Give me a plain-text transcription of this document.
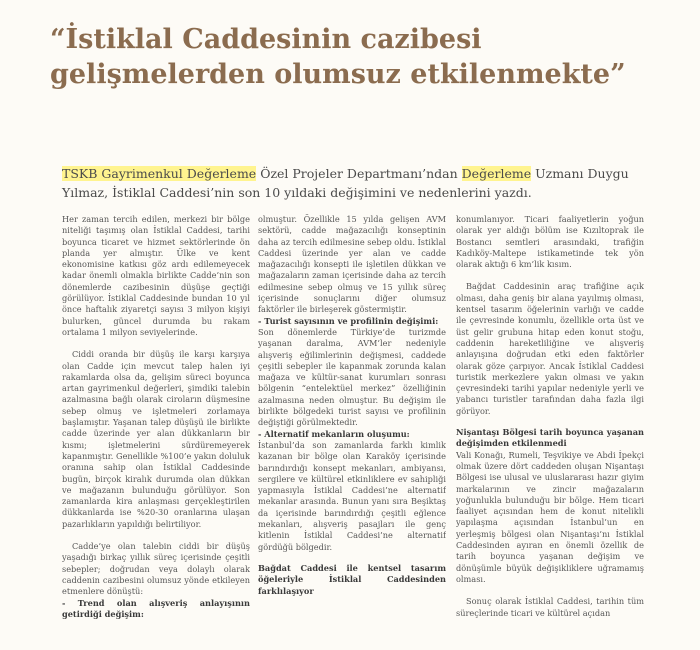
“İstiklal Caddesinin cazibesi gelişmelerden olumsuz etkilenmekte”

TSKB Gayrimenkul Değerleme Özel Projeler Departmanı’ndan Değerleme Uzmanı Duygu Yılmaz, İstiklal Caddesi’nin son 10 yıldaki değişimini ve nedenlerini yazdı.

Her zaman tercih edilen, merkezi bir bölge niteliği taşımış olan İstiklal Caddesi, tarihi boyunca ticaret ve hizmet sektörlerinde ön planda yer almıştır. Ülke ve kent ekonomisine katkısı göz ardı edilemeyecek kadar önemli olmakla birlikte Cadde’nin son dönemlerde cazibesinin düşüşe geçtiği görülüyor. İstiklal Caddesinde bundan 10 yıl önce haftalık ziyaretçi sayısı 3 milyon kişiyi bulurken, güncel durumda bu rakam ortalama 1 milyon seviyelerinde.

Ciddi oranda bir düşüş ile karşı karşıya olan Cadde için mevcut talep halen iyi rakamlarda olsa da, gelişim süreci boyunca artan gayrimenkul değerleri, şimdiki talebin azalmasına bağlı olarak ciroların düşmesine sebep olmuş ve işletmeleri zorlamaya başlamıştır. Yaşanan talep düşüşü ile birlikte cadde üzerinde yer alan dükkanların bir kısmı; işletmelerini sürdüremeyerek kapanmıştır. Genellikle %100’e yakın doluluk oranına sahip olan İstiklal Caddesinde bugün, birçok kiralık durumda olan dükkan ve mağazanın bulunduğu görülüyor. Son zamanlarda kira anlaşması gerçekleştirilen dükkanlarda ise %20-30 oranlarına ulaşan pazarlıkların yapıldığı belirtiliyor.

Cadde’ye olan talebin ciddi bir düşüş yaşadığı birkaç yıllık süreç içerisinde çeşitli sebepler; doğrudan veya dolaylı olarak caddenin cazibesini olumsuz yönde etkileyen etmenlere dönüştü:

- Trend olan alışveriş anlayışının getirdiği değişim:

olmuştur. Özellikle 15 yılda gelişen AVM sektörü, cadde mağazacılığı konseptinin daha az tercih edilmesine sebep oldu. İstiklal Caddesi üzerinde yer alan ve cadde mağazacılığı konsepti ile işletilen dükkan ve mağazaların zaman içerisinde daha az tercih edilmesine sebep olmuş ve 15 yıllık süreç içerisinde sonuçlarını diğer olumsuz faktörler ile birleşerek göstermiştir.

- Turist sayısının ve profilinin değişimi:

Son dönemlerde Türkiye’de turizmde yaşanan daralma, AVM’ler nedeniyle alışveriş eğilimlerinin değişmesi, caddede çeşitli sebepler ile kapanmak zorunda kalan mağaza ve kültür-sanat kurumları sonrası bölgenin “entelektüel merkez” özelliğinin azalmasına neden olmuştur. Bu değişim ile birlikte bölgedeki turist sayısı ve profilinin değiştiği görülmektedir.

- Alternatif mekanların oluşumu:

İstanbul’da son zamanlarda farklı kimlik kazanan bir bölge olan Karaköy içerisinde barındırdığı konsept mekanları, ambiyansı, sergilere ve kültürel etkinliklere ev sahipliği yapmasıyla İstiklal Caddesi’ne alternatif mekanlar arasında. Bunun yanı sıra Beşiktaş da içerisinde barındırdığı çeşitli eğlence mekanları, alışveriş pasajları ile genç kitlenin İstiklal Caddesi’ne alternatif gördüğü bölgedir.

Bağdat Caddesi ile kentsel tasarım öğeleriyle İstiklal Caddesinden farklılaşıyor

konumlanıyor. Ticari faaliyetlerin yoğun olarak yer aldığı bölüm ise Kızıltoprak ile Bostancı semtleri arasındaki, trafiğin Kadıköy-Maltepe istikametinde tek yön olarak aktığı 6 km’lik kısım.

Bağdat Caddesinin araç trafiğine açık olması, daha geniş bir alana yayılmış olması, kentsel tasarım öğelerinin varlığı ve cadde ile çevresinde konumlu, özellikle orta üst ve üst gelir grubuna hitap eden konut stoğu, caddenin hareketliliğine ve alışveriş anlayışına doğrudan etki eden faktörler olarak göze çarpıyor. Ancak İstiklal Caddesi turistik merkezlere yakın olması ve yakın çevresindeki tarihi yapılar nedeniyle yerli ve yabancı turistler tarafından daha fazla ilgi görüyor.

Nişantaşı Bölgesi tarih boyunca yaşanan değişimden etkilenmedi

Vali Konağı, Rumeli, Teşvikiye ve Abdi İpekçi olmak üzere dört caddeden oluşan Nişantaşı Bölgesi ise ulusal ve uluslararası hazır giyim markalarının ve zincir mağazaların yoğunlukla bulunduğu bir bölge. Hem ticari faaliyet açısından hem de konut nitelikli yapılaşma açısından İstanbul’un en yerleşmiş bölgesi olan Nişantaşı’nı İstiklal Caddesinden ayıran en önemli özellik de tarih boyunca yaşanan değişim ve dönüşümle büyük değişikliklere uğramamış olması.

Sonuç olarak İstiklal Caddesi, tarihin tüm süreçlerinde ticari ve kültürel açıdan
